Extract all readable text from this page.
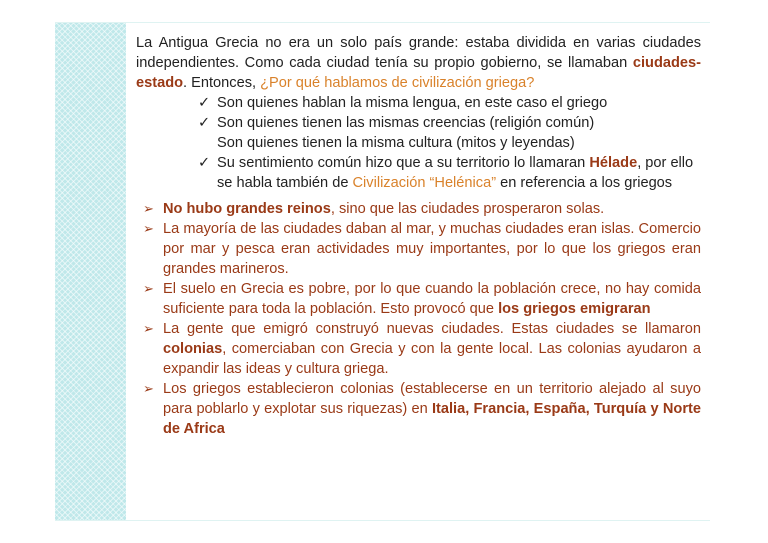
La Antigua Grecia no era un solo país grande: estaba dividida en varias ciudades independientes. Como cada ciudad tenía su propio gobierno, se llamaban ciudades-estado. Entonces, ¿Por qué hablamos de civilización griega?

✓ Son quienes hablan la misma lengua, en este caso el griego
✓ Son quienes tienen las mismas creencias (religión común)
Son quienes tienen la misma cultura (mitos y leyendas)
✓ Su sentimiento común hizo que a su territorio lo llamaran Hélade, por ello se habla también de Civilización “Helénica” en referencia a los griegos
➢ No hubo grandes reinos, sino que las ciudades prosperaron solas.
➢ La mayoría de las ciudades daban al mar, y muchas ciudades eran islas. Comercio por mar y pesca eran actividades muy importantes, por lo que los griegos eran grandes marineros.
➢ El suelo en Grecia es pobre, por lo que cuando la población crece, no hay comida suficiente para toda la población. Esto provocó que los griegos emigraran
➢ La gente que emigró construyó nuevas ciudades. Estas ciudades se llamaron colonias, comerciaban con Grecia y con la gente local. Las colonias ayudaron a expandir las ideas y cultura griega.
➢ Los griegos establecieron colonias (establecerse en un territorio alejado al suyo para poblarlo y explotar sus riquezas) en Italia, Francia, España, Turquía y Norte de Africa
